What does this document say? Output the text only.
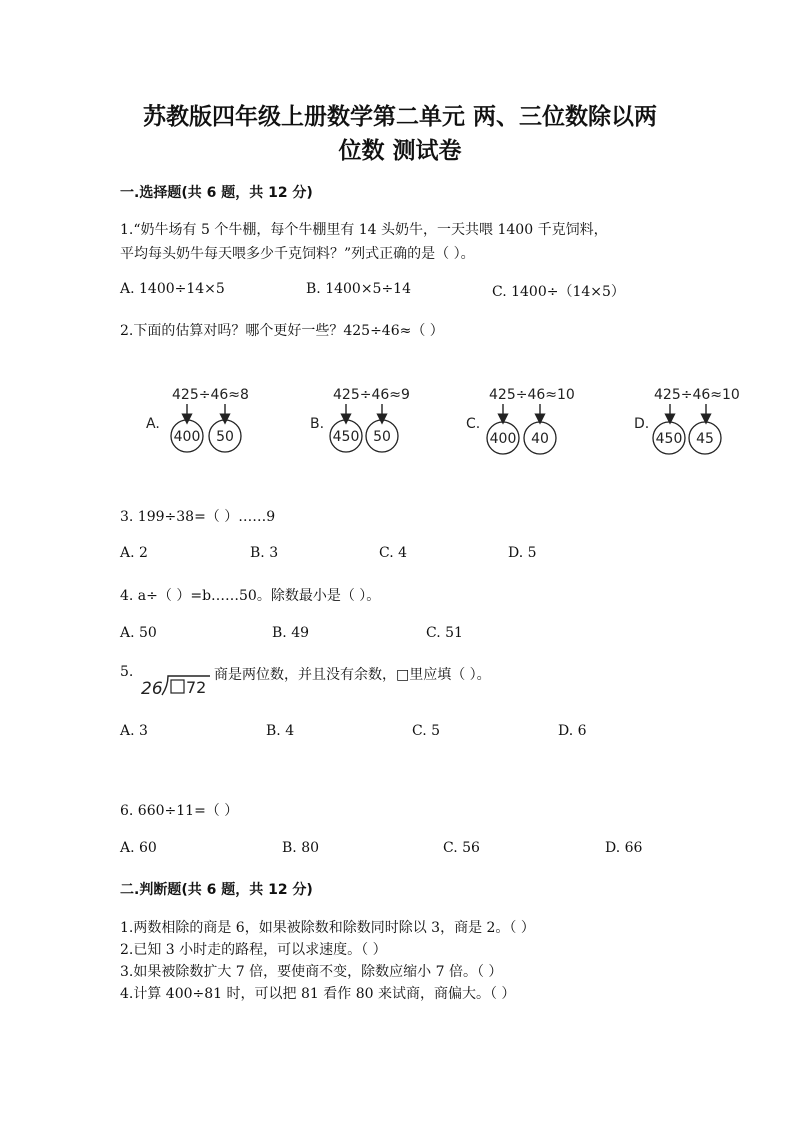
苏教版四年级上册数学第二单元 两、三位数除以两
位数 测试卷
一.选择题(共 6 题，共 12 分)
1.“奶牛场有 5 个牛棚，每个牛棚里有 14 头奶牛，一天共喂 1400 千克饲料，
平均每头奶牛每天喂多少千克饲料？”列式正确的是（ ）。
A. 1400÷14×5	B. 1400×5÷14	C. 1400÷（14×5）
2.下面的估算对吗？哪个更好一些？425÷46≈（ ）
A.
425÷46≈8
400 50
B.
425÷46≈9
450 50
C.
425÷46≈10
400 40
D.
425÷46≈10
450 45
3. 199÷38=（ ）……9
A. 2	B. 3	C. 4	D. 5
4. a÷（ ）=b……50。除数最小是（ ）。
A. 50	B. 49	C. 51
5.
26 72
商是两位数，并且没有余数，□里应填（ ）。
A. 3	B. 4	C. 5	D. 6
6. 660÷11=（ ）
A. 60	B. 80	C. 56	D. 66
二.判断题(共 6 题，共 12 分)
1.两数相除的商是 6，如果被除数和除数同时除以 3，商是 2。（ ）
2.已知 3 小时走的路程，可以求速度。（ ）
3.如果被除数扩大 7 倍，要使商不变，除数应缩小 7 倍。（ ）
4.计算 400÷81 时，可以把 81 看作 80 来试商，商偏大。（ ）
